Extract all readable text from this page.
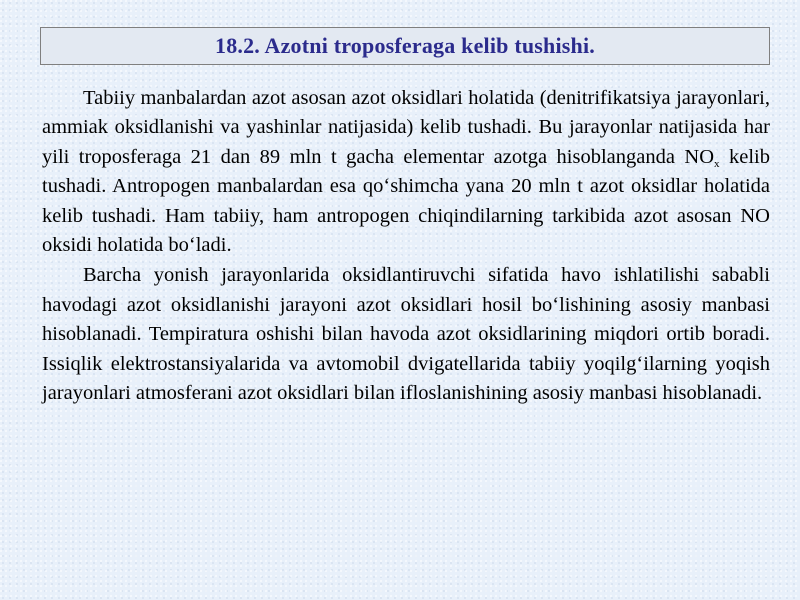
18.2. Azotni troposferaga kelib tushishi.

Tabiiy manbalardan azot asosan azot oksidlari holatida (denitrifikatsiya jarayonlari, ammiak oksidlanishi va yashinlar natijasida) kelib tushadi. Bu jarayonlar natijasida har yili troposferaga 21 dan 89 mln t gacha elementar azotga hisoblanganda $NO_x$ kelib tushadi. Antropogen manbalardan esa qo‘shimcha yana 20 mln t azot oksidlar holatida kelib tushadi. Ham tabiiy, ham antropogen chiqindilarning tarkibida azot asosan NO oksidi holatida bo‘ladi.

Barcha yonish jarayonlarida oksidlantiruvchi sifatida havo ishlatilishi sababli havodagi azot oksidlanishi jarayoni azot oksidlari hosil bo‘lishining asosiy manbasi hisoblanadi. Tempiratura oshishi bilan havoda azot oksidlarining miqdori ortib boradi. Issiqlik elektrostansiyalarida va avtomobil dvigatellarida tabiiy yoqilg‘ilarning yoqish jarayonlari atmosferani azot oksidlari bilan ifloslanishining asosiy manbasi hisoblanadi.
